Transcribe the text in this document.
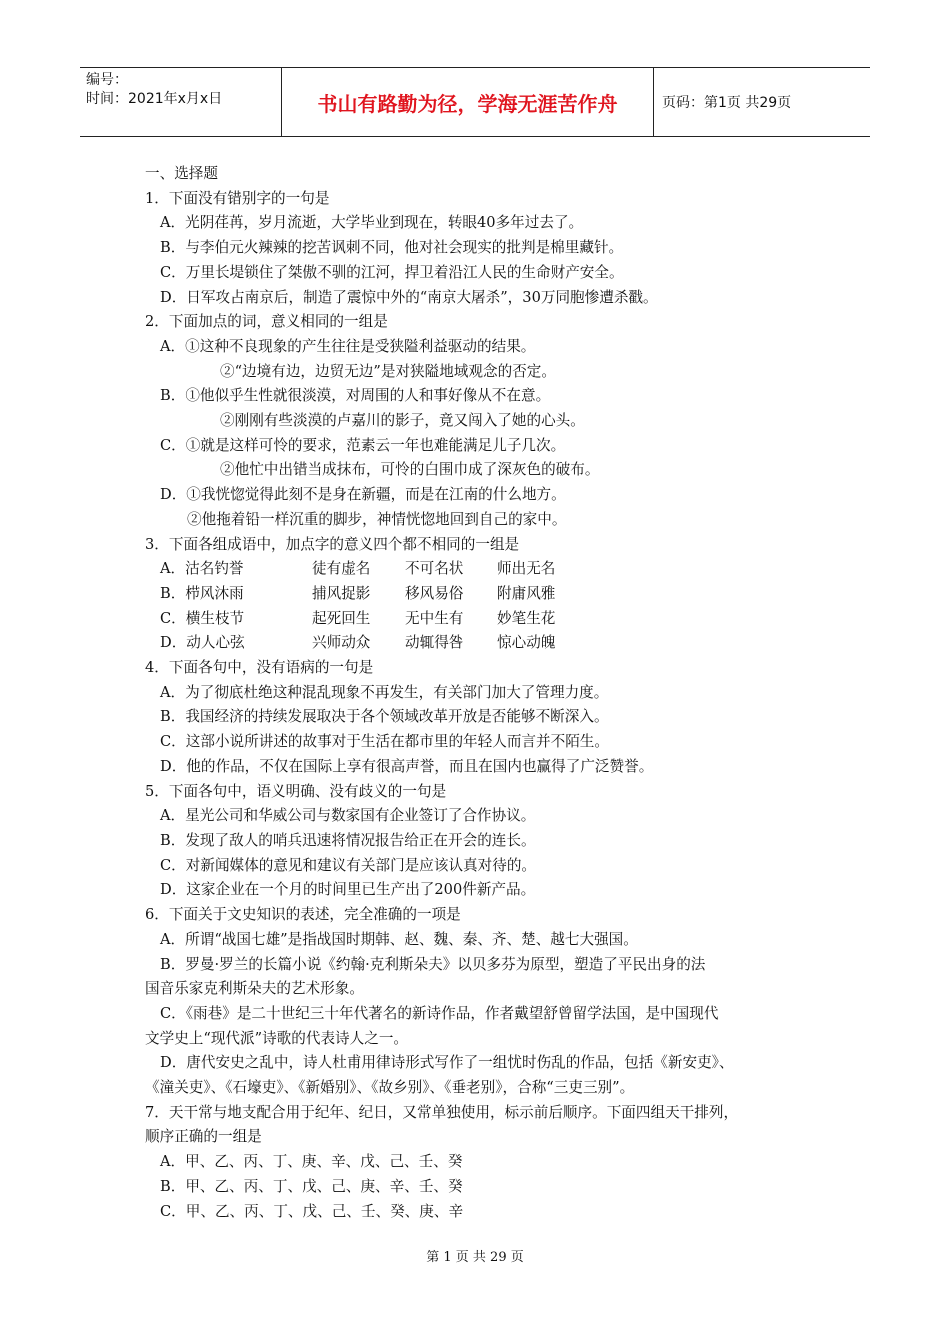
编号：
时间：2021年x月x日	书山有路勤为径，学海无涯苦作舟	页码：第1页 共29页
一、选择题
1．下面没有错别字的一句是
A．光阴荏苒，岁月流逝，大学毕业到现在，转眼40多年过去了。
B．与李伯元火辣辣的挖苦讽刺不同，他对社会现实的批判是棉里藏针。
C．万里长堤锁住了桀傲不驯的江河，捍卫着沿江人民的生命财产安全。
D．日军攻占南京后，制造了震惊中外的“南京大屠杀”，30万同胞惨遭杀戳。
2．下面加点的词，意义相同的一组是
A．①这种不良现象的产生往往是受狭隘利益驱动的结果。
②“边境有边，边贸无边”是对狭隘地域观念的否定。
B．①他似乎生性就很淡漠，对周围的人和事好像从不在意。
②刚刚有些淡漠的卢嘉川的影子，竟又闯入了她的心头。
C．①就是这样可怜的要求，范素云一年也难能满足儿子几次。
②他忙中出错当成抹布，可怜的白围巾成了深灰色的破布。
D．①我恍惚觉得此刻不是身在新疆，而是在江南的什么地方。
②他拖着铅一样沉重的脚步，神情恍惚地回到自己的家中。
3．下面各组成语中，加点字的意义四个都不相同的一组是
A．沽名钓誉	徒有虚名	不可名状	师出无名
B．栉风沐雨	捕风捉影	移风易俗	附庸风雅
C．横生枝节	起死回生	无中生有	妙笔生花
D．动人心弦	兴师动众	动辄得咎	惊心动魄
4．下面各句中，没有语病的一句是
A．为了彻底杜绝这种混乱现象不再发生，有关部门加大了管理力度。
B．我国经济的持续发展取决于各个领域改革开放是否能够不断深入。
C．这部小说所讲述的故事对于生活在都市里的年轻人而言并不陌生。
D．他的作品，不仅在国际上享有很高声誉，而且在国内也赢得了广泛赞誉。
5．下面各句中，语义明确、没有歧义的一句是
A．星光公司和华威公司与数家国有企业签订了合作协议。
B．发现了敌人的哨兵迅速将情况报告给正在开会的连长。
C．对新闻媒体的意见和建议有关部门是应该认真对待的。
D．这家企业在一个月的时间里已生产出了200件新产品。
6．下面关于文史知识的表述，完全准确的一项是
A．所谓“战国七雄”是指战国时期韩、赵、魏、秦、齐、楚、越七大强国。
B．罗曼·罗兰的长篇小说《约翰·克利斯朵夫》以贝多芬为原型，塑造了平民出身的法
国音乐家克利斯朵夫的艺术形象。
C．《雨巷》是二十世纪三十年代著名的新诗作品，作者戴望舒曾留学法国，是中国现代
文学史上“现代派”诗歌的代表诗人之一。
D．唐代安史之乱中，诗人杜甫用律诗形式写作了一组忧时伤乱的作品，包括《新安吏》、
《潼关吏》、《石壕吏》、《新婚别》、《故乡别》、《垂老别》，合称“三吏三别”。
7．天干常与地支配合用于纪年、纪日，又常单独使用，标示前后顺序。下面四组天干排列，
顺序正确的一组是
A．甲、乙、丙、丁、庚、辛、戊、己、壬、癸
B．甲、乙、丙、丁、戊、己、庚、辛、壬、癸
C．甲、乙、丙、丁、戊、己、壬、癸、庚、辛
第 1 页 共 29 页
